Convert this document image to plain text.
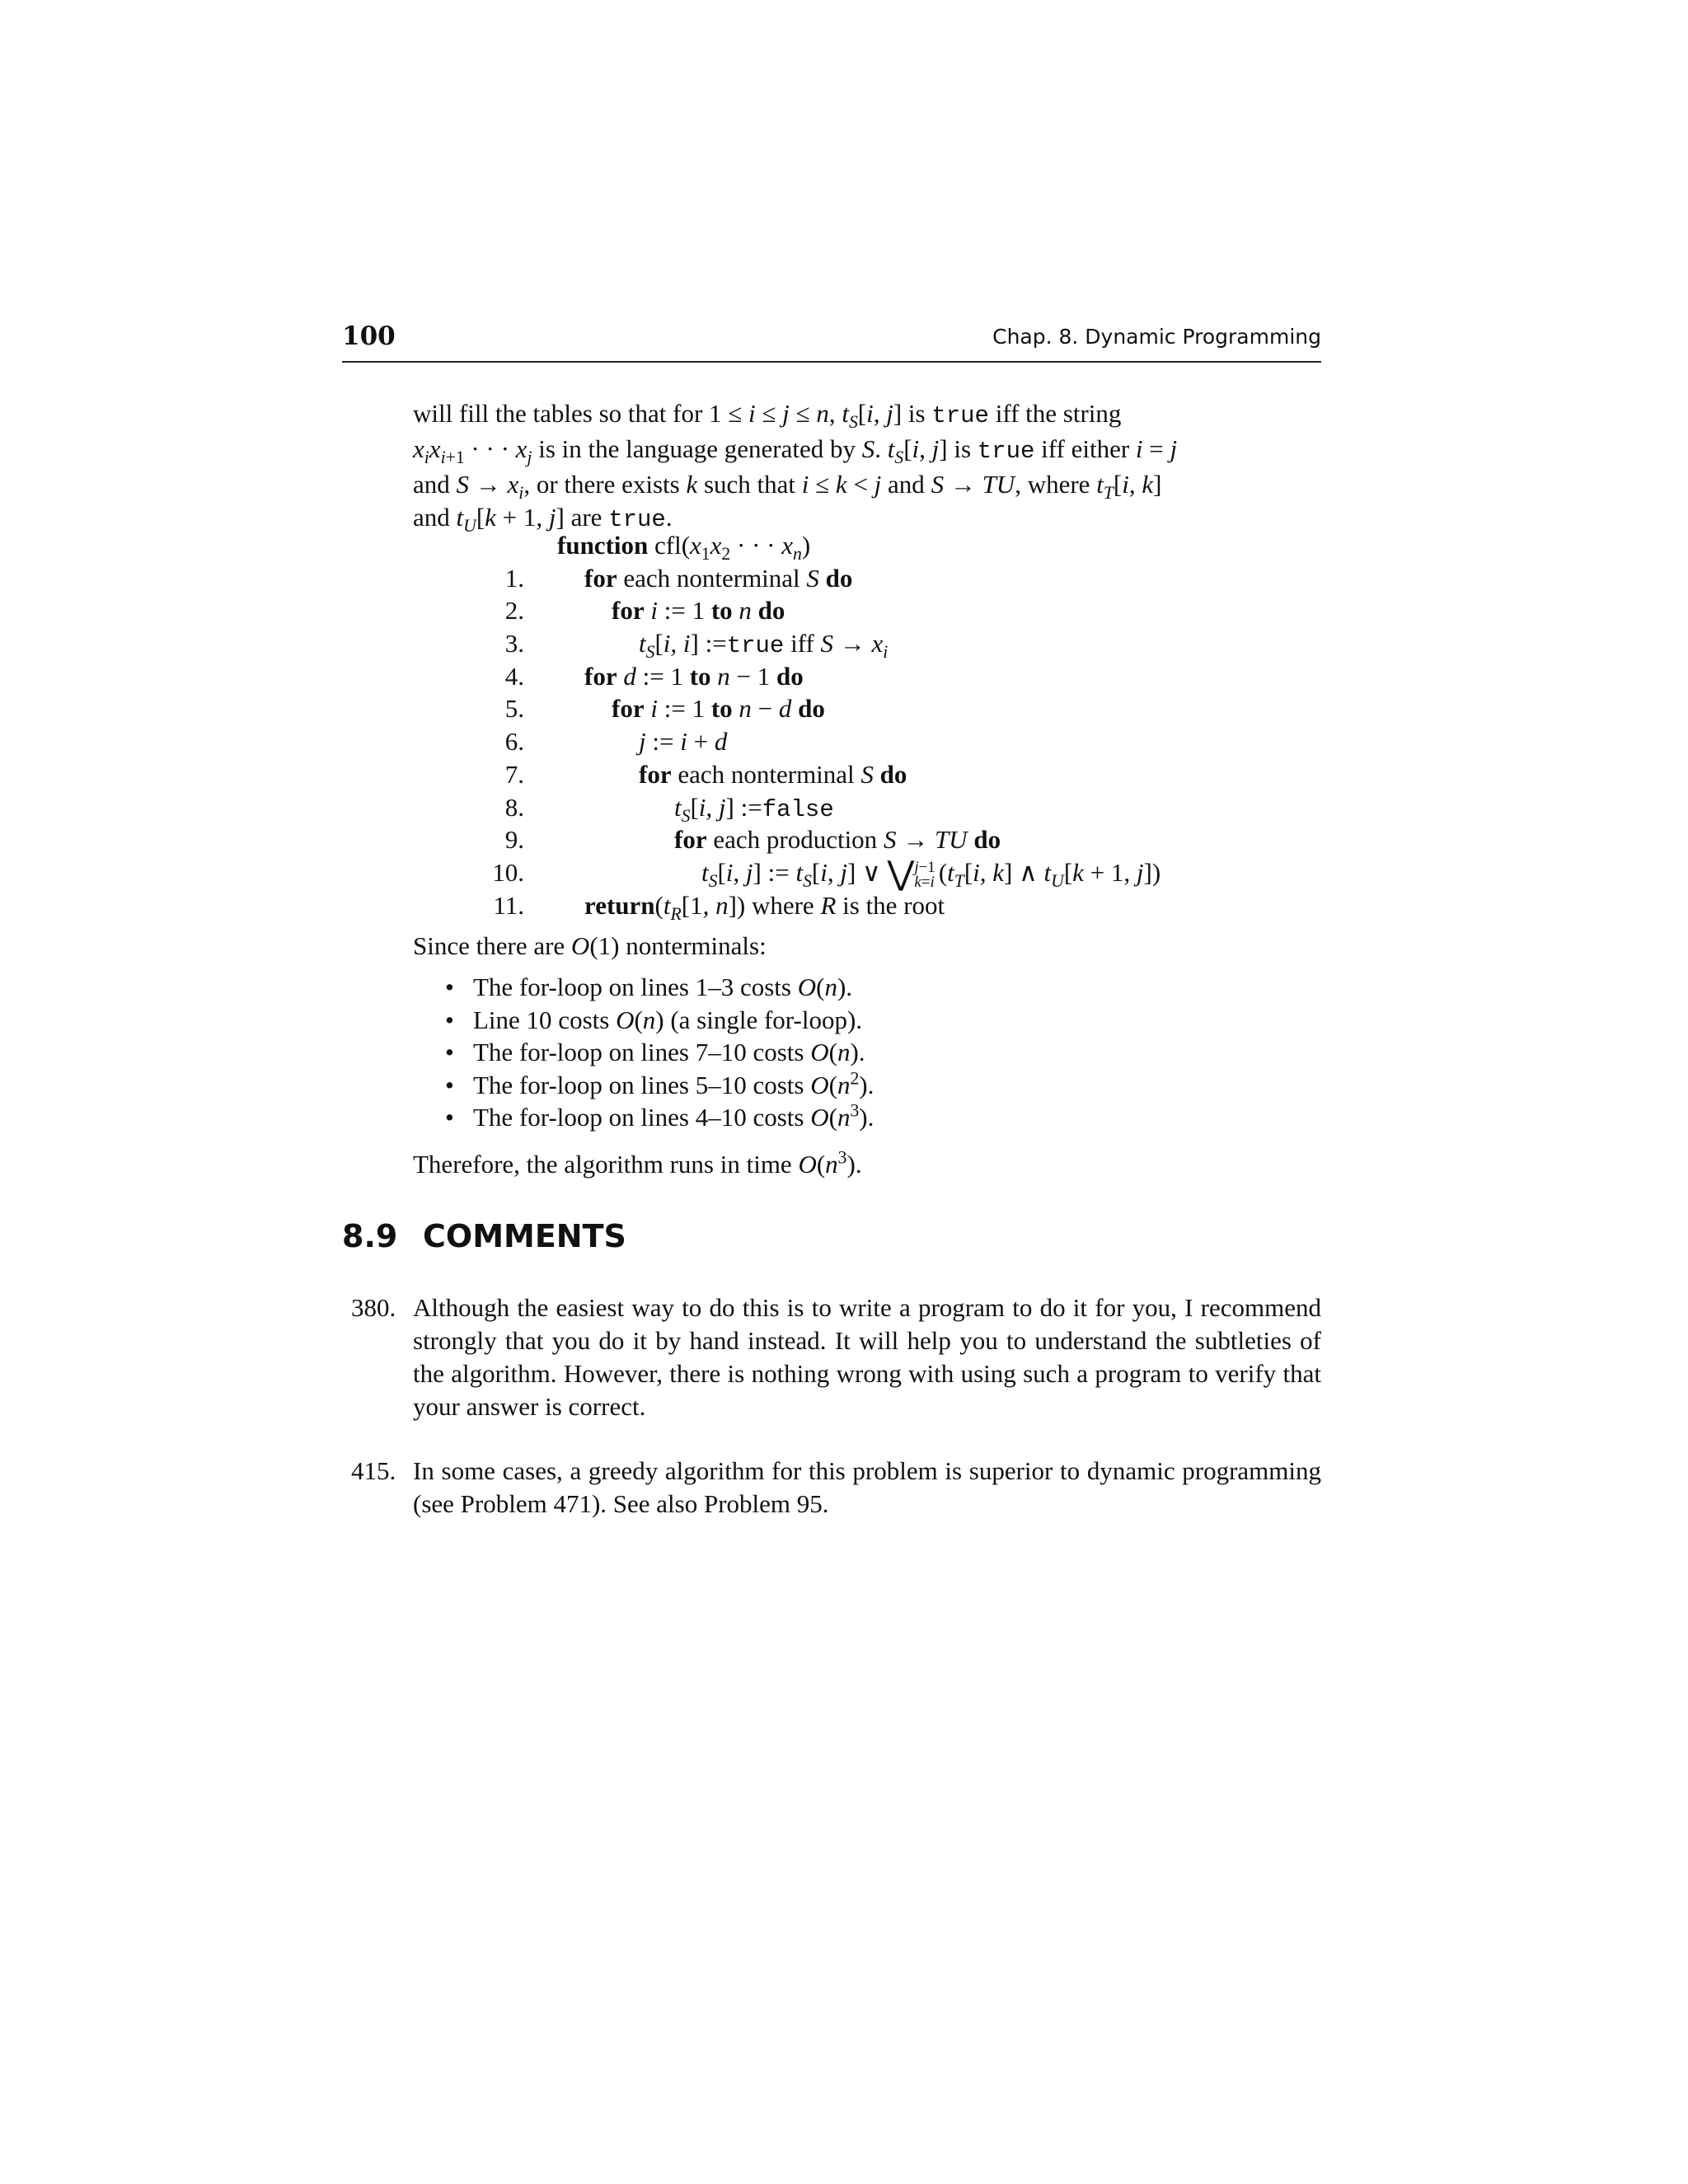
100	Chap. 8. Dynamic Programming

will fill the tables so that for 1 ≤ i ≤ j ≤ n, $t_S[i$, j] is true iff the string

$x_ix_{i+1}$ · · · $x_j$ is in the language generated by S. $t_S[i$, j] is true iff either i = j

and $S \to x_i$, or there exists k such that i ≤ k < j and S → TU, where $t_T[i$, k]

and $t_U[k + 1$, j] are true.

function $cfl(x_1x_2$ · · · $x_n$)
1. for each nonterminal S do
2.	for i := 1 to n do
3.	$t_S[i$, i] :=true iff $S \to x_i$
4. for d := 1 to n − 1 do
5.	for i := 1 to n − d do
6.	j := i + d
7.	for each nonterminal S do
8.	$t_S[i$, j] :=false
9.	for each production S → TU do
10.	$t_S[i$, j] := $t_S[i$, j] ∨ ⋁j−1
k=i ($t_T[i$, k] ∧ $t_U[k + 1$, j])
11. $return(t_R[1$, n]) where R is the root

Since there are O(1) nonterminals:

• The for-loop on lines 1–3 costs O(n).
• Line 10 costs O(n) (a single for-loop).
• The for-loop on lines 7–10 costs O(n).
• The for-loop on lines 5–10 costs $O(n^2)$.
• The for-loop on lines 4–10 costs $O(n^3)$.

Therefore, the algorithm runs in time $O(n^3)$.

8.9 COMMENTS
380. Although the easiest way to do this is to write a program to do it for you, I recommend strongly that you do it by hand instead. It will help you to understand the subtleties of the algorithm. However, there is nothing wrong with using such a program to verify that your answer is correct.
415. In some cases, a greedy algorithm for this problem is superior to dynamic programming (see Problem 471). See also Problem 95.
